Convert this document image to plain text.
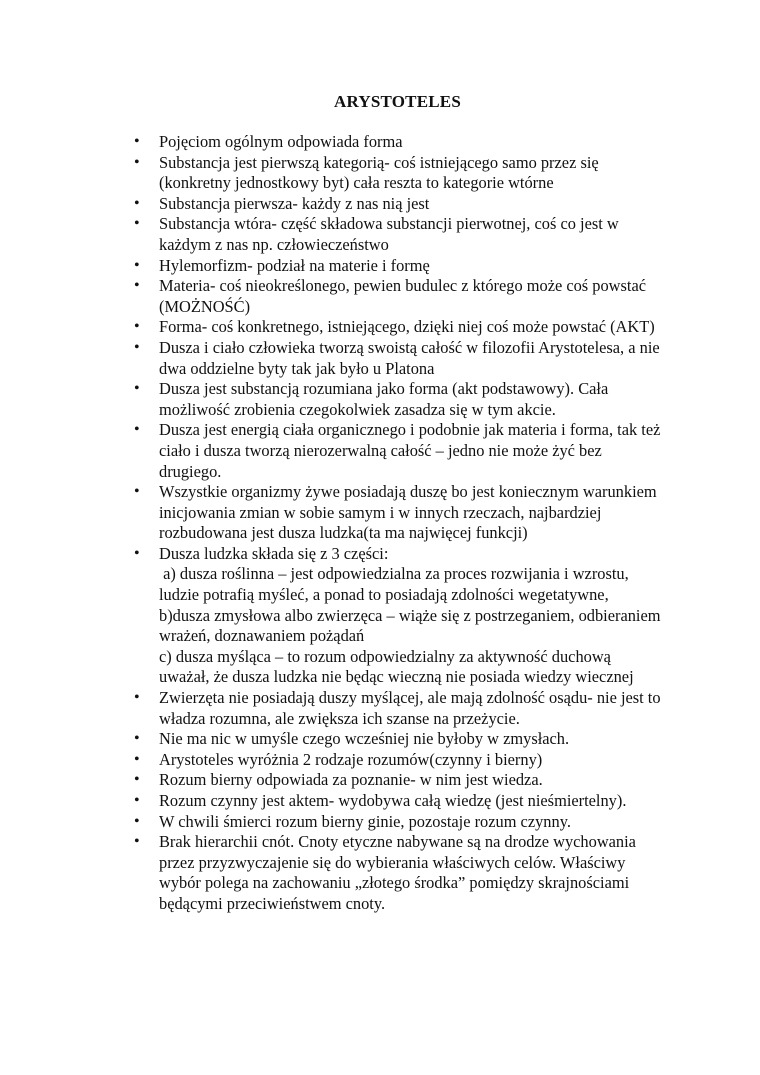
ARYSTOTELES
•	Pojęciom ogólnym odpowiada forma
•	Substancja jest pierwszą kategorią- coś istniejącego samo przez się
(konkretny jednostkowy byt) cała reszta to kategorie wtórne
•	Substancja pierwsza- każdy z nas nią jest
•	Substancja wtóra- część składowa substancji pierwotnej, coś co jest w
każdym z nas np. człowieczeństwo
•	Hylemorfizm- podział na materie i formę
•	Materia- coś nieokreślonego, pewien budulec z którego może coś powstać
(MOŻNOŚĆ)
•	Forma- coś konkretnego, istniejącego, dzięki niej coś może powstać (AKT)
•	Dusza i ciało człowieka tworzą swoistą całość w filozofii Arystotelesa, a nie
dwa oddzielne byty tak jak było u Platona
•	Dusza jest substancją rozumiana jako forma (akt podstawowy). Cała
możliwość zrobienia czegokolwiek zasadza się w tym akcie.
•	Dusza jest energią ciała organicznego i podobnie jak materia i forma, tak też
ciało i dusza tworzą nierozerwalną całość – jedno nie może żyć bez
drugiego.
•	Wszystkie organizmy żywe posiadają duszę bo jest koniecznym warunkiem
inicjowania zmian w sobie samym i w innych rzeczach, najbardziej
rozbudowana jest dusza ludzka(ta ma najwięcej funkcji)
•	Dusza ludzka składa się z 3 części:
a) dusza roślinna – jest odpowiedzialna za proces rozwijania i wzrostu,
ludzie potrafią myśleć, a ponad to posiadają zdolności wegetatywne,
b)dusza zmysłowa albo zwierzęca – wiąże się z postrzeganiem, odbieraniem
wrażeń, doznawaniem pożądań
c) dusza myśląca – to rozum odpowiedzialny za aktywność duchową
uważał, że dusza ludzka nie będąc wieczną nie posiada wiedzy wiecznej
•	Zwierzęta nie posiadają duszy myślącej, ale mają zdolność osądu- nie jest to
władza rozumna, ale zwiększa ich szanse na przeżycie.
•	Nie ma nic w umyśle czego wcześniej nie byłoby w zmysłach.
•	Arystoteles wyróżnia 2 rodzaje rozumów(czynny i bierny)
•	Rozum bierny odpowiada za poznanie- w nim jest wiedza.
•	Rozum czynny jest aktem- wydobywa całą wiedzę (jest nieśmiertelny).
•	W chwili śmierci rozum bierny ginie, pozostaje rozum czynny.
•	Brak hierarchii cnót. Cnoty etyczne nabywane są na drodze wychowania
przez przyzwyczajenie się do wybierania właściwych celów. Właściwy
wybór polega na zachowaniu „złotego środka” pomiędzy skrajnościami
będącymi przeciwieństwem cnoty.
